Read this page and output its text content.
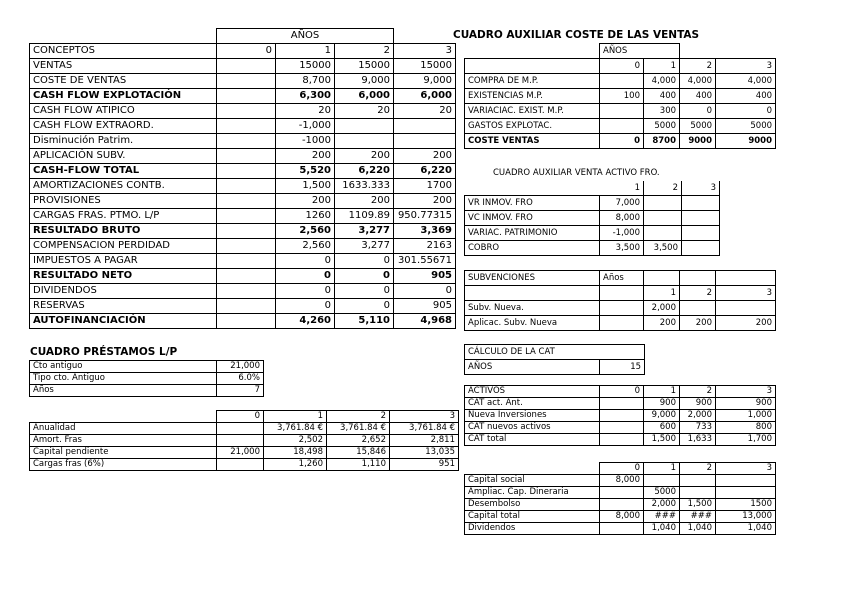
	AÑOS			
CONCEPTOS	0	1	2	3
VENTAS		15000	15000	15000
COSTE DE VENTAS		8,700	9,000	9,000
CASH FLOW EXPLOTACIÓN		6,300	6,000	6,000
CASH FLOW ATIPICO		20	20	20
CASH FLOW EXTRAORD.		-1,000		
Disminución Patrim.		-1000		
APLICACIÓN SUBV.		200	200	200
CASH-FLOW TOTAL		5,520	6,220	6,220
AMORTIZACIONES CONTB.		1,500	1633.333	1700
PROVISIONES		200	200	200
CARGAS FRAS. PTMO. L/P		1260	1109.89	950.77315
RESULTADO BRUTO		2,560	3,277	3,369
COMPENSACION PERDIDAD		2,560	3,277	2163
IMPUESTOS A PAGAR		0	0	301.55671
RESULTADO NETO		0	0	905
DIVIDENDOS		0	0	0
RESERVAS		0	0	905
AUTOFINANCIACIÓN		4,260	5,110	4,968
CUADRO AUXILIAR COSTE DE LAS VENTAS
	AÑOS			
	0	1	2	3
COMPRA DE M.P.		4,000	4,000	4,000
EXISTENCIAS M.P.	100	400	400	400
VARIACIAC. EXIST. M.P.		300	0	0
GASTOS EXPLOTAC.		5000	5000	5000
COSTE VENTAS	0	8700	9000	9000
CUADRO AUXILIAR VENTA ACTIVO FRO.
	1	2	3
VR INMOV. FRO	7,000		
VC INMOV. FRO	8,000		
VARIAC. PATRIMONIO	-1,000		
COBRO	3,500	3,500	
SUBVENCIONES	Años			
		1	2	3
Subv. Nueva.		2,000		
Aplicac. Subv. Nueva		200	200	200
CÁLCULO DE LA CAT
AÑOS	15
ACTIVOS	0	1	2	3
CAT act. Ant.		900	900	900
Nueva Inversiones		9,000	2,000	1,000
CAT nuevos activos		600	733	800
CAT total		1,500	1,633	1,700
	0	1	2	3
Capital social	8,000			
Ampliac. Cap. Dineraria		5000		
Desembolso		2,000	1,500	1500
Capital total	8,000	###	###	13,000
Dividendos		1,040	1,040	1,040
CUADRO PRÉSTAMOS L/P
Cto antiguo	21,000
Tipo cto. Antiguo	6.0%
Años	7
	0	1	2	3
Anualidad		3,761.84 €	3,761.84 €	3,761.84 €
Amort. Fras		2,502	2,652	2,811
Capital pendiente	21,000	18,498	15,846	13,035
Cargas fras (6%)		1,260	1,110	951
